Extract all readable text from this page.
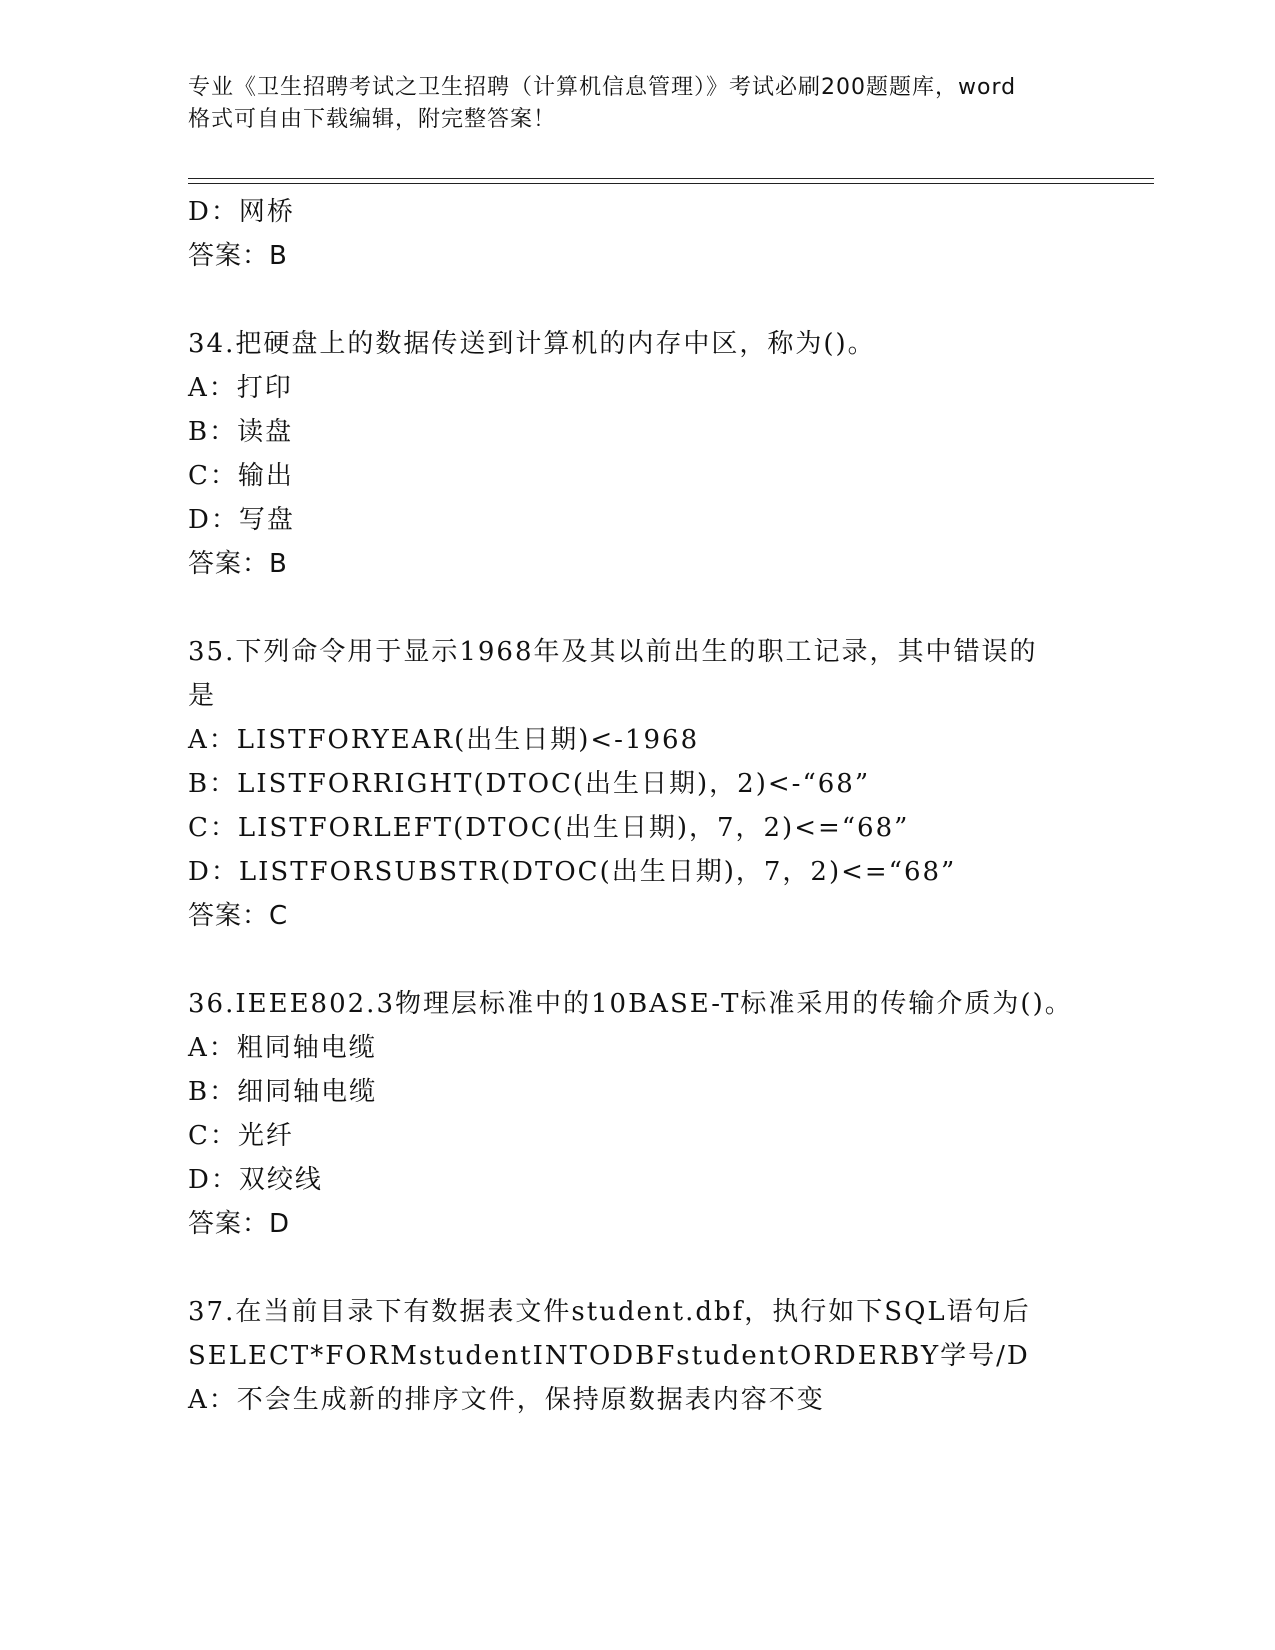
专业《卫生招聘考试之卫生招聘（计算机信息管理）》考试必刷200题题库，word
格式可自由下载编辑，附完整答案！
D：网桥
答案：B
34.把硬盘上的数据传送到计算机的内存中区，称为()。
A：打印
B：读盘
C：输出
D：写盘
答案：B
35.下列命令用于显示1968年及其以前出生的职工记录，其中错误的
是
A：LISTFORYEAR(出生日期)<-1968
B：LISTFORRIGHT(DTOC(出生日期)，2)<-“68”
C：LISTFORLEFT(DTOC(出生日期)，7，2)<=“68”
D：LISTFORSUBSTR(DTOC(出生日期)，7，2)<=“68”
答案：C
36.IEEE802.3物理层标准中的10BASE-T标准采用的传输介质为()。
A：粗同轴电缆
B：细同轴电缆
C：光纤
D：双绞线
答案：D
37.在当前目录下有数据表文件student.dbf，执行如下SQL语句后
SELECT*FORMstudentINTODBFstudentORDERBY学号/D
A：不会生成新的排序文件，保持原数据表内容不变
